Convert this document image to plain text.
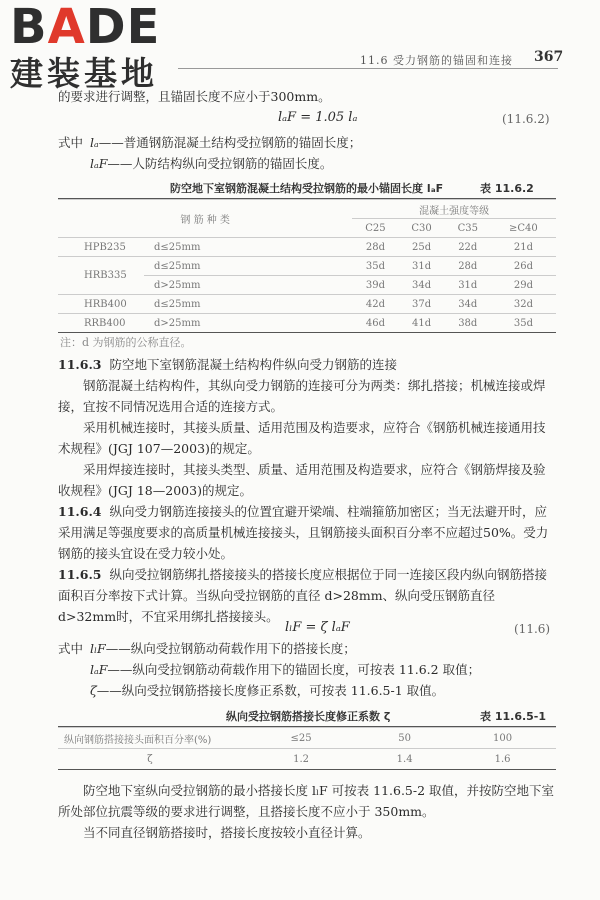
BADE
建装基地	11.6 受力钢筋的锚固和连接 367
的要求进行调整，且锚固长度不应小于300mm。
lₐF = 1.05 lₐ	(11.6.2)
式中 lₐ——普通钢筋混凝土结构受拉钢筋的锚固长度；
lₐF——人防结构纵向受拉钢筋的锚固长度。
防空地下室钢筋混凝土结构受拉钢筋的最小锚固长度 lₐF	表 11.6.2
钢 筋 种 类		混凝土强度等级			
		C25	C30	C35	≥C40
HPB235	d≤25mm	28d	25d	22d	21d
HRB335	d≤25mm	35d	31d	28d	26d
	d>25mm	39d	34d	31d	29d
HRB400	d≤25mm	42d	37d	34d	32d
RRB400	d>25mm	46d	41d	38d	35d
注：d 为钢筋的公称直径。
11.6.3 防空地下室钢筋混凝土结构构件纵向受力钢筋的连接
钢筋混凝土结构构件，其纵向受力钢筋的连接可分为两类：绑扎搭接；机械连接或焊接，宜按不同情况选用合适的连接方式。
采用机械连接时，其接头质量、适用范围及构造要求，应符合《钢筋机械连接通用技术规程》(JGJ 107—2003)的规定。
采用焊接连接时，其接头类型、质量、适用范围及构造要求，应符合《钢筋焊接及验收规程》(JGJ 18—2003)的规定。
11.6.4 纵向受力钢筋连接接头的位置宜避开梁端、柱端箍筋加密区；当无法避开时，应采用满足等强度要求的高质量机械连接接头，且钢筋接头面积百分率不应超过50%。受力钢筋的接头宜设在受力较小处。
11.6.5 纵向受拉钢筋绑扎搭接接头的搭接长度应根据位于同一连接区段内纵向钢筋搭接面积百分率按下式计算。当纵向受拉钢筋的直径 d>28mm、纵向受压钢筋直径 d>32mm时，不宜采用绑扎搭接接头。
lₗF = ζ lₐF	(11.6)
式中 lₗF——纵向受拉钢筋动荷载作用下的搭接长度；
lₐF——纵向受拉钢筋动荷载作用下的锚固长度，可按表 11.6.2 取值；
ζ——纵向受拉钢筋搭接长度修正系数，可按表 11.6.5-1 取值。
纵向受拉钢筋搭接长度修正系数 ζ	表 11.6.5-1
纵向钢筋搭接接头面积百分率(%)	≤25	50	100
ζ	1.2	1.4	1.6
防空地下室纵向受拉钢筋的最小搭接长度 lₗF 可按表 11.6.5-2 取值，并按防空地下室所处部位抗震等级的要求进行调整，且搭接长度不应小于 350mm。
当不同直径钢筋搭接时，搭接长度按较小直径计算。
